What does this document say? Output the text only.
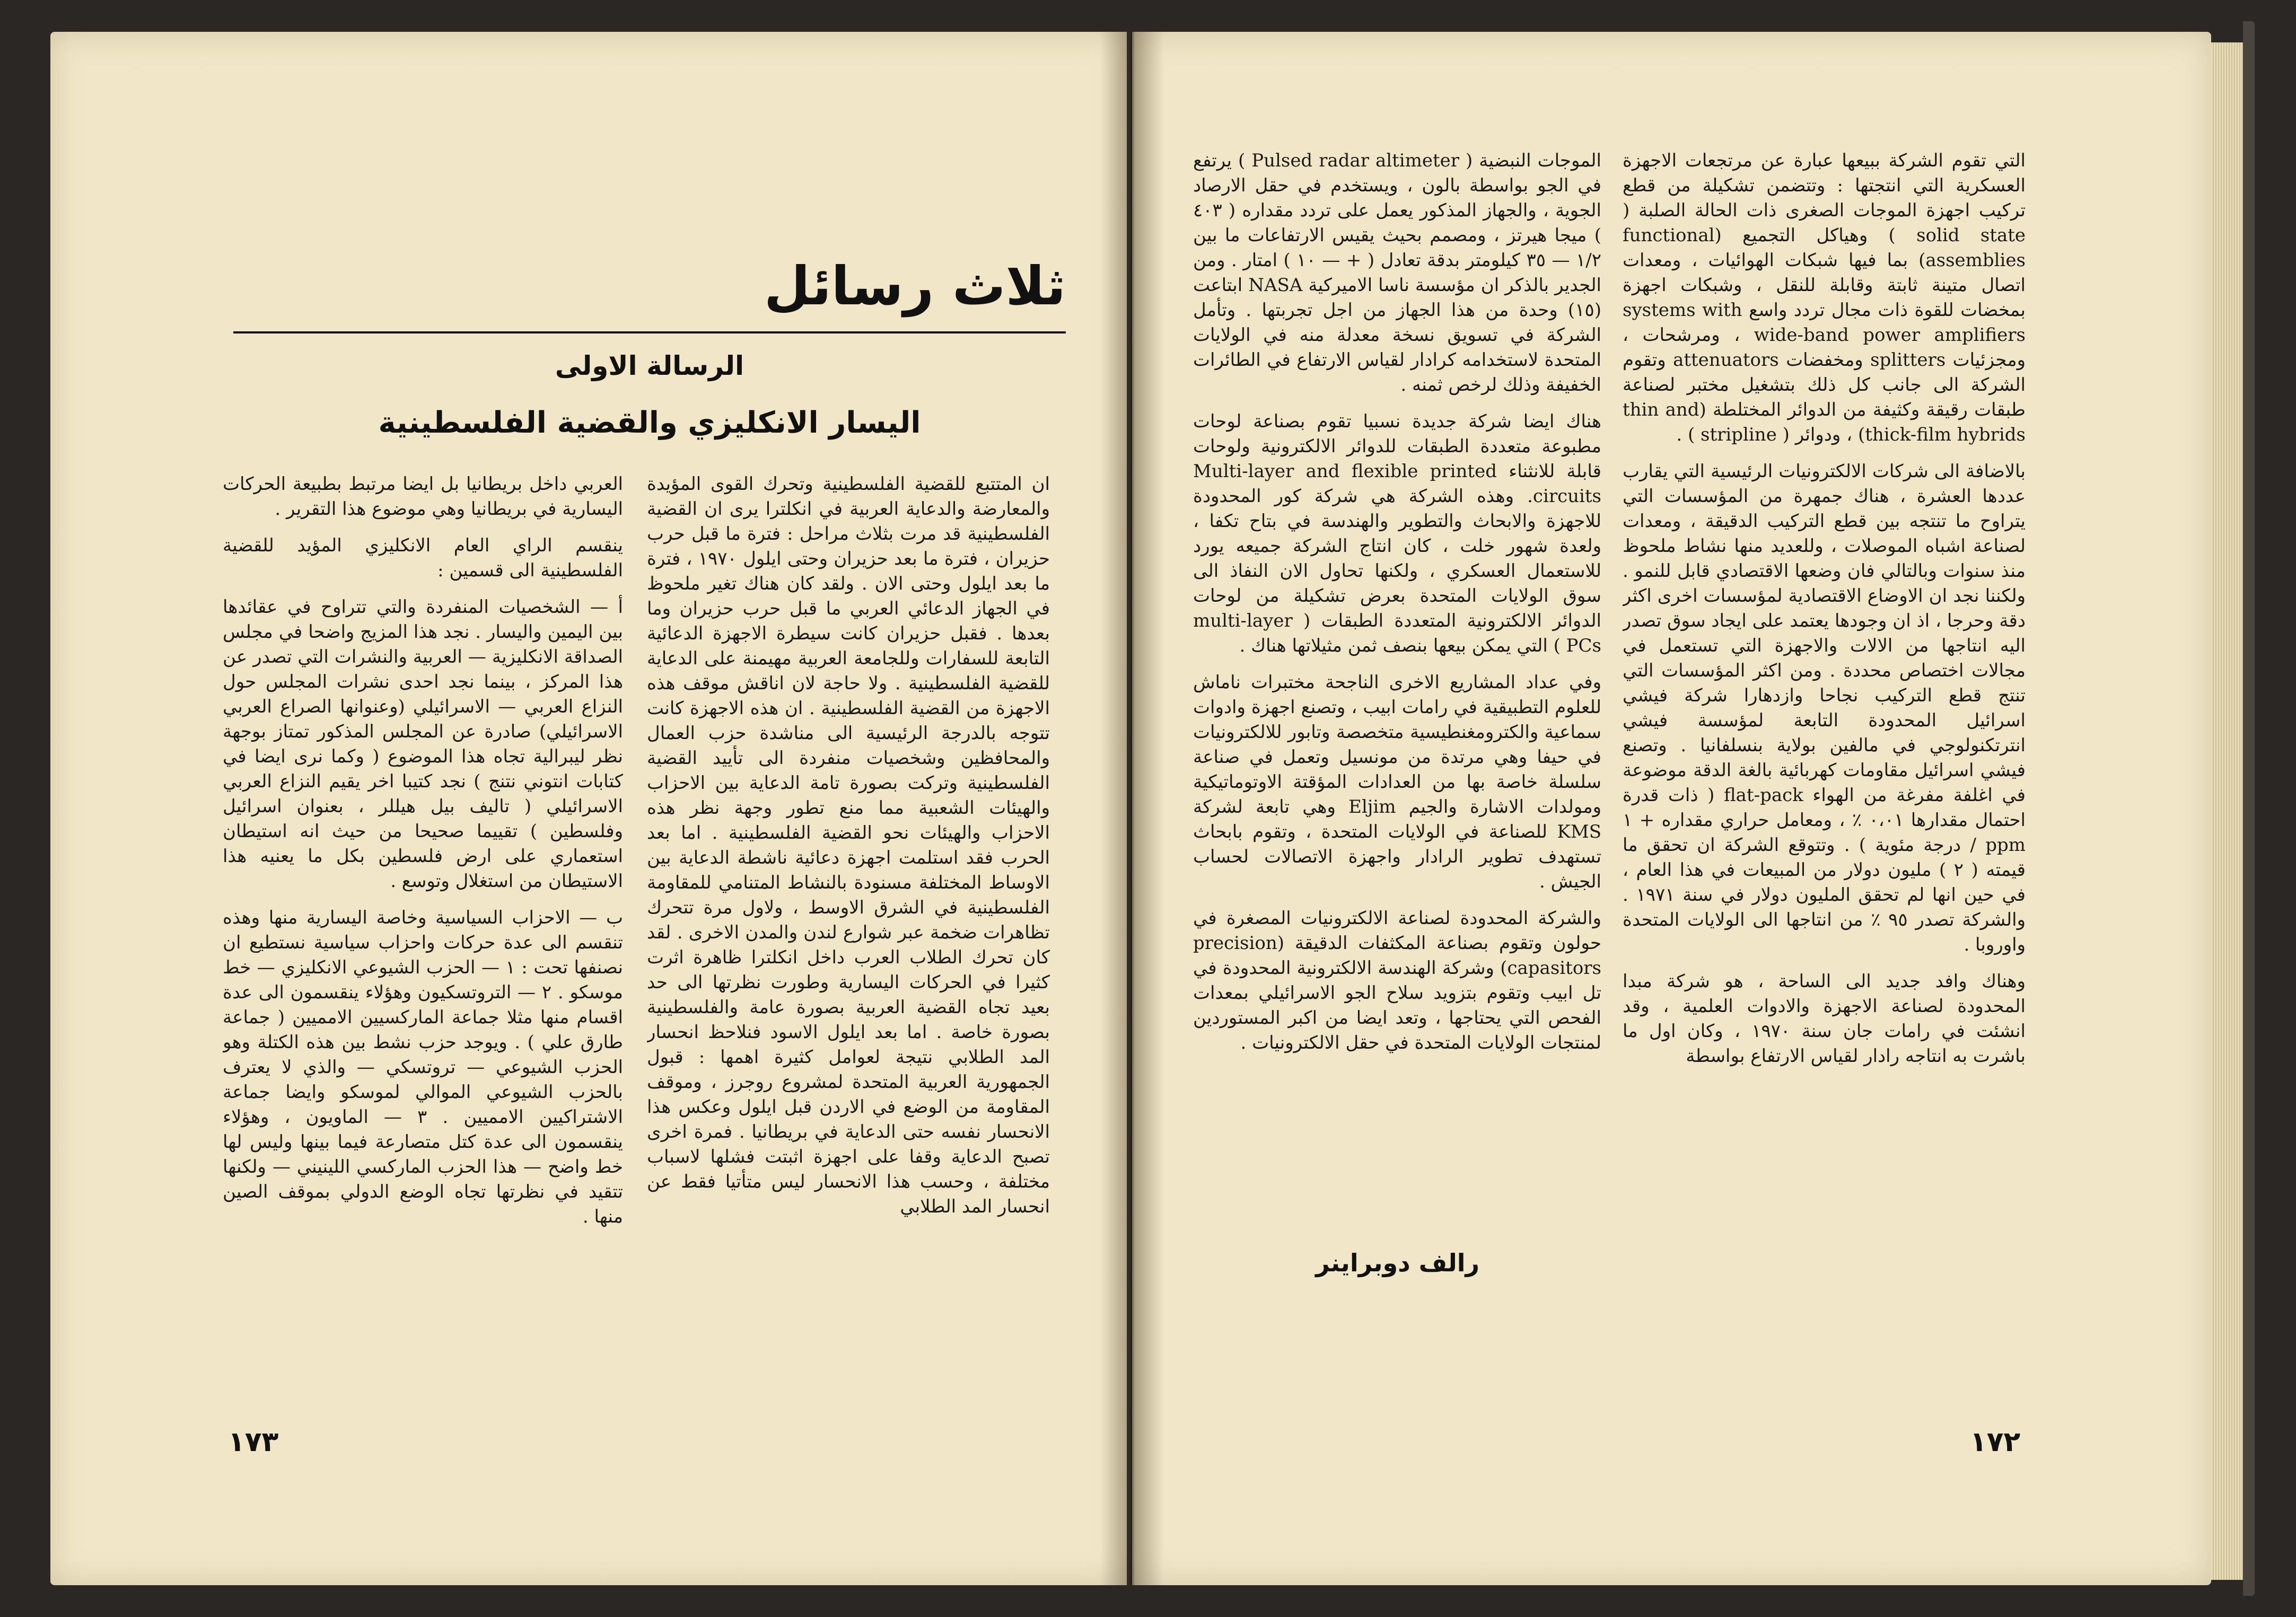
ثلاث رسائل
الرسالة الاولى
اليسار الانكليزي والقضية الفلسطينية

ان المتتبع للقضية الفلسطينية وتحرك القوى المؤيدة والمعارضة والدعاية العربية في انكلترا يرى ان القضية الفلسطينية قد مرت بثلاث مراحل : فترة ما قبل حرب حزيران ، فترة ما بعد حزيران وحتى ايلول ١٩٧٠ ، فترة ما بعد ايلول وحتى الان . ولقد كان هناك تغير ملحوظ في الجهاز الدعائي العربي ما قبل حرب حزيران وما بعدها . فقبل حزيران كانت سيطرة الاجهزة الدعائية التابعة للسفارات وللجامعة العربية مهيمنة على الدعاية للقضية الفلسطينية . ولا حاجة لان اناقش موقف هذه الاجهزة من القضية الفلسطينية . ان هذه الاجهزة كانت تتوجه بالدرجة الرئيسية الى مناشدة حزب العمال والمحافظين وشخصيات منفردة الى تأييد القضية الفلسطينية وتركت بصورة تامة الدعاية بين الاحزاب والهيئات الشعبية مما منع تطور وجهة نظر هذه الاحزاب والهيئات نحو القضية الفلسطينية . اما بعد الحرب فقد استلمت اجهزة دعائية ناشطة الدعاية بين الاوساط المختلفة مسنودة بالنشاط المتنامي للمقاومة الفلسطينية في الشرق الاوسط ، ولاول مرة تتحرك تظاهرات ضخمة عبر شوارع لندن والمدن الاخرى . لقد كان تحرك الطلاب العرب داخل انكلترا ظاهرة اثرت كثيرا في الحركات اليسارية وطورت نظرتها الى حد بعيد تجاه القضية العربية بصورة عامة والفلسطينية بصورة خاصة . اما بعد ايلول الاسود فنلاحظ انحسار المد الطلابي نتيجة لعوامل كثيرة اهمها : قبول الجمهورية العربية المتحدة لمشروع روجرز ، وموقف المقاومة من الوضع في الاردن قبل ايلول وعكس هذا الانحسار نفسه حتى الدعاية في بريطانيا . فمرة اخرى تصبح الدعاية وقفا على اجهزة اثبتت فشلها لاسباب مختلفة ، وحسب هذا الانحسار ليس متأتيا فقط عن انحسار المد الطلابي

العربي داخل بريطانيا بل ايضا مرتبط بطبيعة الحركات اليسارية في بريطانيا وهي موضوع هذا التقرير .

ينقسم الراي العام الانكليزي المؤيد للقضية الفلسطينية الى قسمين :

أ — الشخصيات المنفردة والتي تتراوح في عقائدها بين اليمين واليسار . نجد هذا المزيج واضحا في مجلس الصداقة الانكليزية — العربية والنشرات التي تصدر عن هذا المركز ، بينما نجد احدى نشرات المجلس حول النزاع العربي — الاسرائيلي (وعنوانها الصراع العربي الاسرائيلي) صادرة عن المجلس المذكور تمتاز بوجهة نظر ليبرالية تجاه هذا الموضوع ( وكما نرى ايضا في كتابات انتوني نتنج ) نجد كتيبا اخر يقيم النزاع العربي الاسرائيلي ( تاليف بيل هيللر ، بعنوان اسرائيل وفلسطين ) تقييما صحيحا من حيث انه استيطان استعماري على ارض فلسطين بكل ما يعنيه هذا الاستيطان من استغلال وتوسع .

ب — الاحزاب السياسية وخاصة اليسارية منها وهذه تنقسم الى عدة حركات واحزاب سياسية نستطيع ان نصنفها تحت : ١ — الحزب الشيوعي الانكليزي — خط موسكو . ٢ — التروتسكيون وهؤلاء ينقسمون الى عدة اقسام منها مثلا جماعة الماركسيين الامميين ( جماعة طارق علي ) . ويوجد حزب نشط بين هذه الكتلة وهو الحزب الشيوعي — تروتسكي — والذي لا يعترف بالحزب الشيوعي الموالي لموسكو وايضا جماعة الاشتراكيين الامميين . ٣ — الماويون ، وهؤلاء ينقسمون الى عدة كتل متصارعة فيما بينها وليس لها خط واضح — هذا الحزب الماركسي اللينيني — ولكنها تتقيد في نظرتها تجاه الوضع الدولي بموقف الصين منها .

١٧٣

التي تقوم الشركة ببيعها عبارة عن مرتجعات الاجهزة العسكرية التي انتجتها : وتتضمن تشكيلة من قطع تركيب اجهزة الموجات الصغرى ذات الحالة الصلبة ( solid state ) وهياكل التجميع (functional assemblies) بما فيها شبكات الهوائيات ، ومعدات اتصال متينة ثابتة وقابلة للنقل ، وشبكات اجهزة بمخضات للقوة ذات مجال تردد واسع systems with wide-band power amplifiers ، ومرشحات ، ومجزئيات splitters ومخفضات attenuators وتقوم الشركة الى جانب كل ذلك بتشغيل مختبر لصناعة طبقات رقيقة وكثيفة من الدوائر المختلطة (thin and thick-film hybrids) ، ودوائر ( stripline ) .

بالاضافة الى شركات الالكترونيات الرئيسية التي يقارب عددها العشرة ، هناك جمهرة من المؤسسات التي يتراوح ما تنتجه بين قطع التركيب الدقيقة ، ومعدات لصناعة اشباه الموصلات ، وللعديد منها نشاط ملحوظ منذ سنوات وبالتالي فان وضعها الاقتصادي قابل للنمو . ولكننا نجد ان الاوضاع الاقتصادية لمؤسسات اخرى اكثر دقة وحرجا ، اذ ان وجودها يعتمد على ايجاد سوق تصدر اليه انتاجها من الالات والاجهزة التي تستعمل في مجالات اختصاص محددة . ومن اكثر المؤسسات التي تنتج قطع التركيب نجاحا وازدهارا شركة فيشي اسرائيل المحدودة التابعة لمؤسسة فيشي انترتكنولوجي في مالفين بولاية بنسلفانيا . وتصنع فيشي اسرائيل مقاومات كهربائية بالغة الدقة موضوعة في اغلفة مفرغة من الهواء flat-pack ( ذات قدرة احتمال مقدارها ٠،٠١ ٪ ، ومعامل حراري مقداره + ١ ppm / درجة مئوية ) . وتتوقع الشركة ان تحقق ما قيمته ( ٢ ) مليون دولار من المبيعات في هذا العام ، في حين انها لم تحقق المليون دولار في سنة ١٩٧١ . والشركة تصدر ٩٥ ٪ من انتاجها الى الولايات المتحدة واوروبا .

وهناك وافد جديد الى الساحة ، هو شركة مبدا المحدودة لصناعة الاجهزة والادوات العلمية ، وقد انشئت في رامات جان سنة ١٩٧٠ ، وكان اول ما باشرت به انتاجه رادار لقياس الارتفاع بواسطة

الموجات النبضية ( Pulsed radar altimeter ) يرتفع في الجو بواسطة بالون ، ويستخدم في حقل الارصاد الجوية ، والجهاز المذكور يعمل على تردد مقداره ( ٤٠٣ ) ميجا هيرتز ، ومصمم بحيث يقيس الارتفاعات ما بين ١/٢ — ٣٥ كيلومتر بدقة تعادل ( + — ١٠ ) امتار . ومن الجدير بالذكر ان مؤسسة ناسا الاميركية NASA ابتاعت (١٥) وحدة من هذا الجهاز من اجل تجربتها . وتأمل الشركة في تسويق نسخة معدلة منه في الولايات المتحدة لاستخدامه كرادار لقياس الارتفاع في الطائرات الخفيفة وذلك لرخص ثمنه .

هناك ايضا شركة جديدة نسبيا تقوم بصناعة لوحات مطبوعة متعددة الطبقات للدوائر الالكترونية ولوحات قابلة للانثناء Multi-layer and flexible printed circuits. وهذه الشركة هي شركة كور المحدودة للاجهزة والابحاث والتطوير والهندسة في بتاح تكفا ، ولعدة شهور خلت ، كان انتاج الشركة جميعه يورد للاستعمال العسكري ، ولكنها تحاول الان النفاذ الى سوق الولايات المتحدة بعرض تشكيلة من لوحات الدوائر الالكترونية المتعددة الطبقات ( multi-layer PCs ) التي يمكن بيعها بنصف ثمن مثيلاتها هناك .

وفي عداد المشاريع الاخرى الناجحة مختبرات ناماش للعلوم التطبيقية في رامات ابيب ، وتصنع اجهزة وادوات سماعية والكترومغنطيسية متخصصة وتابور للالكترونيات في حيفا وهي مرتدة من مونسيل وتعمل في صناعة سلسلة خاصة بها من العدادات المؤقتة الاوتوماتيكية ومولدات الاشارة والجيم Eljim وهي تابعة لشركة KMS للصناعة في الولايات المتحدة ، وتقوم بابحاث تستهدف تطوير الرادار واجهزة الاتصالات لحساب الجيش .

والشركة المحدودة لصناعة الالكترونيات المصغرة في حولون وتقوم بصناعة المكثفات الدقيقة (precision capasitors) وشركة الهندسة الالكترونية المحدودة في تل ابيب وتقوم بتزويد سلاح الجو الاسرائيلي بمعدات الفحص التي يحتاجها ، وتعد ايضا من اكبر المستوردين لمنتجات الولايات المتحدة في حقل الالكترونيات .

رالف دوبراينر
١٧٢
